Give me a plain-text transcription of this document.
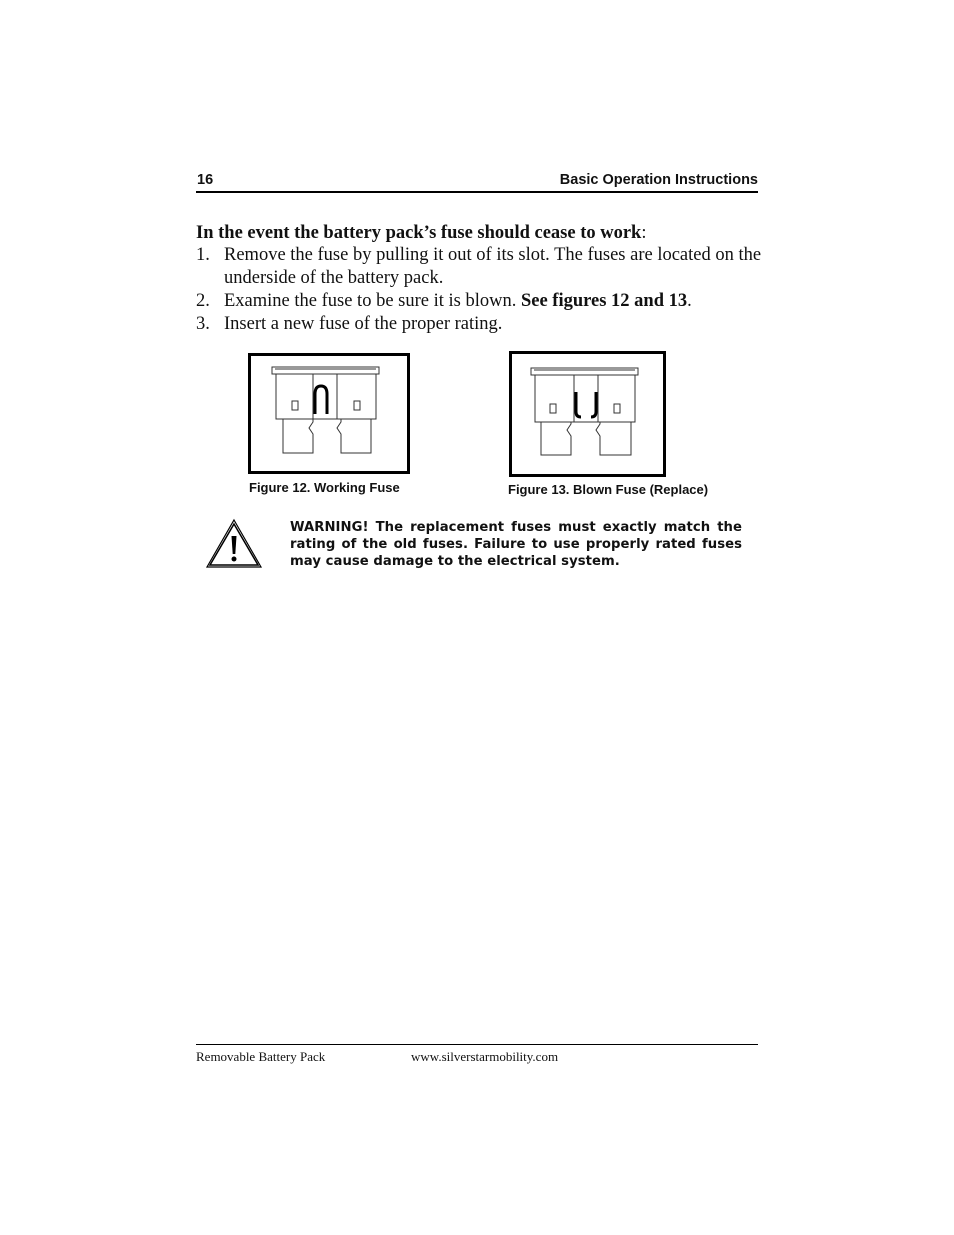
16	Basic Operation Instructions
In the event the battery pack’s fuse should cease to work:
1. Remove the fuse by pulling it out of its slot. The fuses are located on the underside of the battery pack.
2. Examine the fuse to be sure it is blown. See figures 12 and 13.
3. Insert a new fuse of the proper rating.
Figure 12. Working Fuse	Figure 13. Blown Fuse (Replace)
WARNING! The replacement fuses must exactly match the rating of the old fuses. Failure to use properly rated fuses may cause damage to the electrical system.
Removable Battery Pack	www.silverstarmobility.com
